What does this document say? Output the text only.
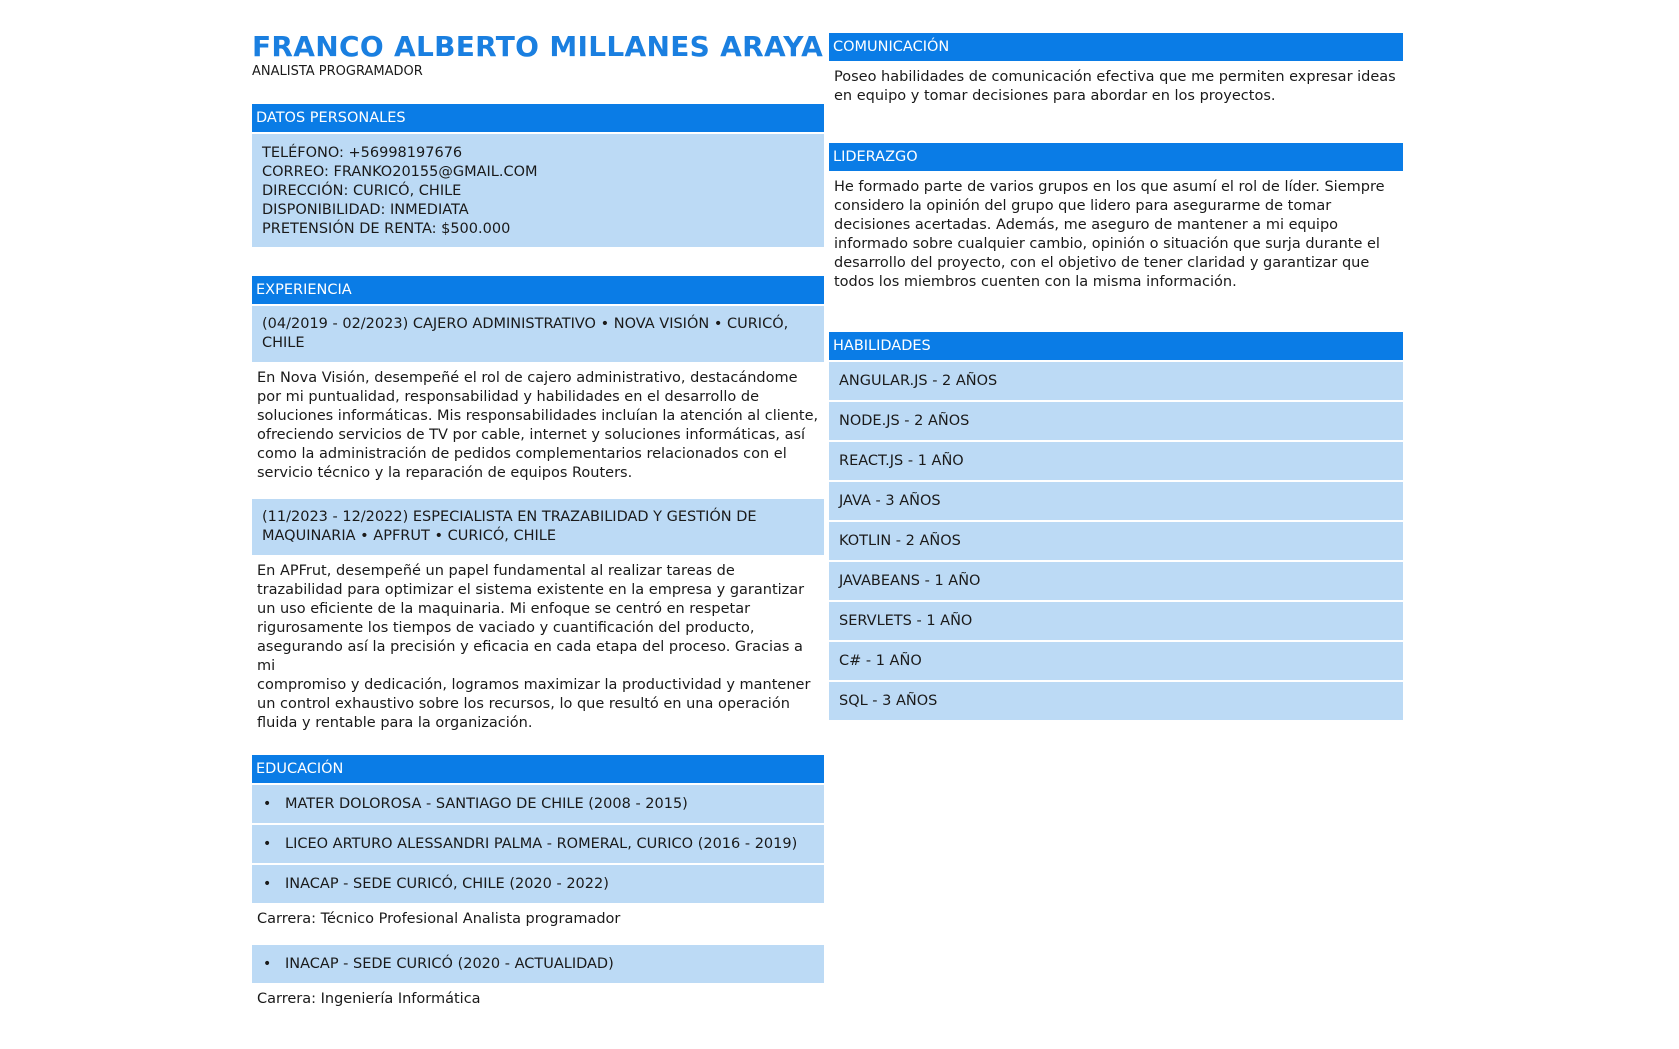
FRANCO ALBERTO MILLANES ARAYA
ANALISTA PROGRAMADOR
DATOS PERSONALES
TELÉFONO: +56998197676
CORREO: FRANKO20155@GMAIL.COM
DIRECCIÓN: CURICÓ, CHILE
DISPONIBILIDAD: INMEDIATA
PRETENSIÓN DE RENTA: $500.000
EXPERIENCIA
(04/2019 - 02/2023) CAJERO ADMINISTRATIVO • NOVA VISIÓN • CURICÓ,
CHILE
En Nova Visión, desempeñé el rol de cajero administrativo, destacándome
por mi puntualidad, responsabilidad y habilidades en el desarrollo de
soluciones informáticas. Mis responsabilidades incluían la atención al cliente,
ofreciendo servicios de TV por cable, internet y soluciones informáticas, así
como la administración de pedidos complementarios relacionados con el
servicio técnico y la reparación de equipos Routers.
(11/2023 - 12/2022) ESPECIALISTA EN TRAZABILIDAD Y GESTIÓN DE
MAQUINARIA • APFRUT • CURICÓ, CHILE
En APFrut, desempeñé un papel fundamental al realizar tareas de
trazabilidad para optimizar el sistema existente en la empresa y garantizar
un uso eficiente de la maquinaria. Mi enfoque se centró en respetar
rigurosamente los tiempos de vaciado y cuantificación del producto,
asegurando así la precisión y eficacia en cada etapa del proceso. Gracias a mi
compromiso y dedicación, logramos maximizar la productividad y mantener
un control exhaustivo sobre los recursos, lo que resultó en una operación
fluida y rentable para la organización.
EDUCACIÓN
• MATER DOLOROSA - SANTIAGO DE CHILE (2008 - 2015)
• LICEO ARTURO ALESSANDRI PALMA - ROMERAL, CURICO (2016 - 2019)
• INACAP - SEDE CURICÓ, CHILE (2020 - 2022)
Carrera: Técnico Profesional Analista programador
• INACAP - SEDE CURICÓ (2020 - ACTUALIDAD)
Carrera: Ingeniería Informática
COMUNICACIÓN
Poseo habilidades de comunicación efectiva que me permiten expresar ideas
en equipo y tomar decisiones para abordar en los proyectos.
LIDERAZGO
He formado parte de varios grupos en los que asumí el rol de líder. Siempre
considero la opinión del grupo que lidero para asegurarme de tomar
decisiones acertadas. Además, me aseguro de mantener a mi equipo
informado sobre cualquier cambio, opinión o situación que surja durante el
desarrollo del proyecto, con el objetivo de tener claridad y garantizar que
todos los miembros cuenten con la misma información.
HABILIDADES
ANGULAR.JS - 2 AÑOS
NODE.JS - 2 AÑOS
REACT.JS - 1 AÑO
JAVA - 3 AÑOS
KOTLIN - 2 AÑOS
JAVABEANS - 1 AÑO
SERVLETS - 1 AÑO
C# - 1 AÑO
SQL - 3 AÑOS
